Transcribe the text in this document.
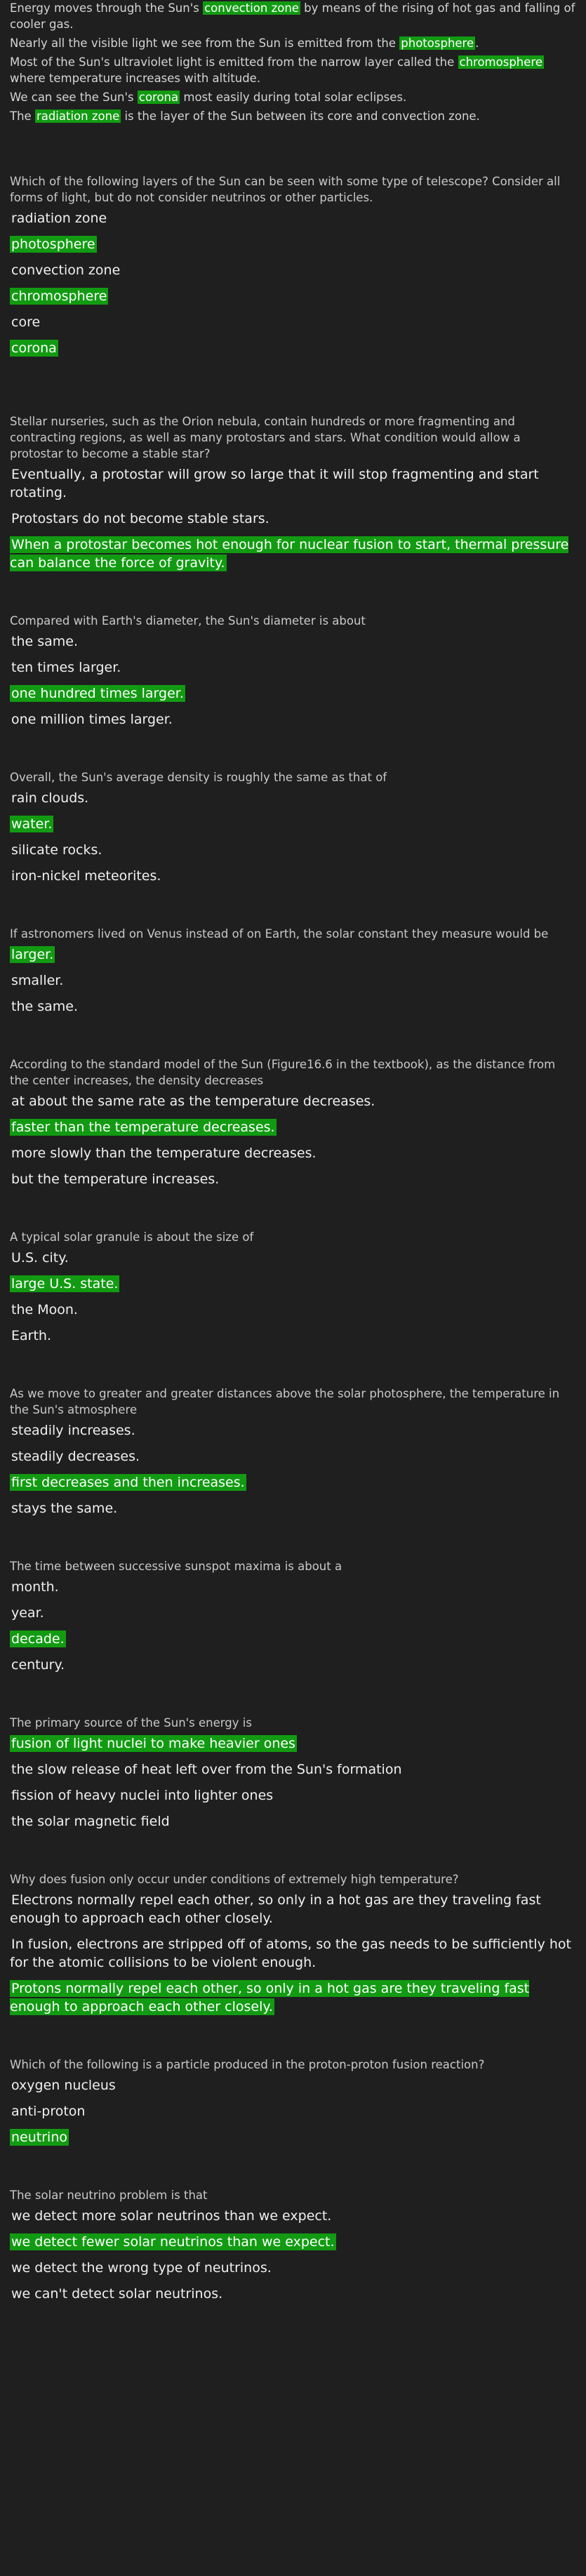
Energy moves through the Sun's convection zone by means of the rising of hot gas and falling of cooler gas.

Nearly all the visible light we see from the Sun is emitted from the photosphere .

Most of the Sun's ultraviolet light is emitted from the narrow layer called the chromosphere where temperature increases with altitude.

We can see the Sun's corona most easily during total solar eclipses.

The radiation zone is the layer of the Sun between its core and convection zone.

Which of the following layers of the Sun can be seen with some type of telescope? Consider all forms of light, but do not consider neutrinos or other particles.
radiation zone
photosphere
convection zone
chromosphere
core
corona
Stellar nurseries, such as the Orion nebula, contain hundreds or more fragmenting and contracting regions, as well as many protostars and stars. What condition would allow a protostar to become a stable star?
Eventually, a protostar will grow so large that it will stop fragmenting and start rotating.
Protostars do not become stable stars.
When a protostar becomes hot enough for nuclear fusion to start, thermal pressure can balance the force of gravity.
Compared with Earth's diameter, the Sun's diameter is about
the same.
ten times larger.
one hundred times larger.
one million times larger.
Overall, the Sun's average density is roughly the same as that of
rain clouds.
water.
silicate rocks.
iron-nickel meteorites.
If astronomers lived on Venus instead of on Earth, the solar constant they measure would be
larger.
smaller.
the same.
According to the standard model of the Sun (Figure16.6 in the textbook), as the distance from the center increases, the density decreases
at about the same rate as the temperature decreases.
faster than the temperature decreases.
more slowly than the temperature decreases.
but the temperature increases.
A typical solar granule is about the size of
U.S. city.
large U.S. state.
the Moon.
Earth.
As we move to greater and greater distances above the solar photosphere, the temperature in the Sun's atmosphere
steadily increases.
steadily decreases.
first decreases and then increases.
stays the same.
The time between successive sunspot maxima is about a
month.
year.
decade.
century.
The primary source of the Sun's energy is
fusion of light nuclei to make heavier ones
the slow release of heat left over from the Sun's formation
fission of heavy nuclei into lighter ones
the solar magnetic field
Why does fusion only occur under conditions of extremely high temperature?
Electrons normally repel each other, so only in a hot gas are they traveling fast enough to approach each other closely.
In fusion, electrons are stripped off of atoms, so the gas needs to be sufficiently hot for the atomic collisions to be violent enough.
Protons normally repel each other, so only in a hot gas are they traveling fast enough to approach each other closely.
Which of the following is a particle produced in the proton-proton fusion reaction?
oxygen nucleus
anti-proton
neutrino
The solar neutrino problem is that
we detect more solar neutrinos than we expect.
we detect fewer solar neutrinos than we expect.
we detect the wrong type of neutrinos.
we can't detect solar neutrinos.
